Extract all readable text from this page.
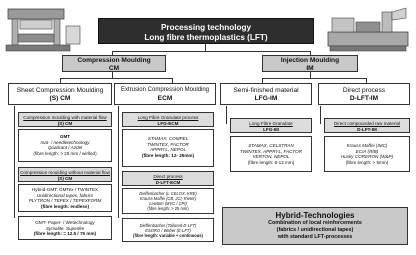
Processing technology
Long fibre thermoplastics (LFT)
Compression Moulding
CM
Injection Moulding
IM
Sheet Compression Moulding
(S) CM
Extrusion Compression Moulding
ECM
Semi-finished material
LFG-IM
Direct process
D-LFT-IM
Compression moulding with material flow
(S) CM
GMT
mat- / needletechnology
Quadrant / Azdel
(fibre length: > 25 mm / wirlled)
Compression moulding without material flow
(S) CM
Hybrid-GMT: GMTex / TWINTEX
Unidirectional tapes, fabrics
PLYTRON / TEPEX / TEPEXFORM
(fibre length: endless)
GMT- Paper- / Wetechnology
Symalite, Superlite
(fibre length: = 12.5 / 75 mm)
Long Fibre Granulate process
LFG-ECM
STAMAX, COMPEL
TWINTEX, FACTOR
APPRYL, NEPOL
(fibre length: 12- 25mm)
Direct process
D-LFT-ECM
Dieffenbacher (L-CELOX, KRE)
Krauss Maffei (CB, JCI, Rieter)
Lewtom (MVC / CPI)
(fibre length: > 25 mm)
Dieffenbacher (Tailored-D-LFT)
ESORO / Weber (E-LFT)
(fibre length: variable + continuous)
Long Fibre Granulate
LFG-IM
STAMAX, CELSTRAN
TWINTEX, APPRYL, FACTOR
VERTON, NEPOL
(fibre length: 6-12 mm)
Direct compounded raw material
D-LFT-IM
Krauss Maffei (IMC)
ECIA (R/B)
Husky CORERON (W&P)
(fibre length: > 5mm)
Hybrid-Technologies
Combination of local reinforcements
(fabrics / unidirectional tapes)
with standard LFT-processes
